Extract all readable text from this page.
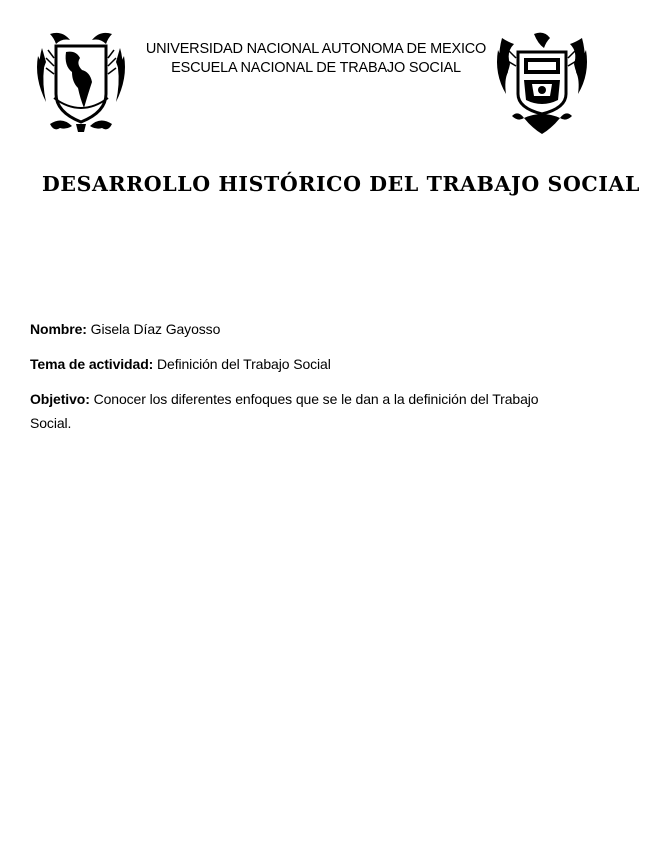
UNIVERSIDAD NACIONAL AUTONOMA DE MEXICO
ESCUELA NACIONAL DE TRABAJO SOCIAL
DESARROLLO HISTÓRICO DEL TRABAJO SOCIAL
Nombre: Gisela Díaz Gayosso
Tema de actividad: Definición del Trabajo Social
Objetivo: Conocer los diferentes enfoques que se le dan a la definición del Trabajo Social.
